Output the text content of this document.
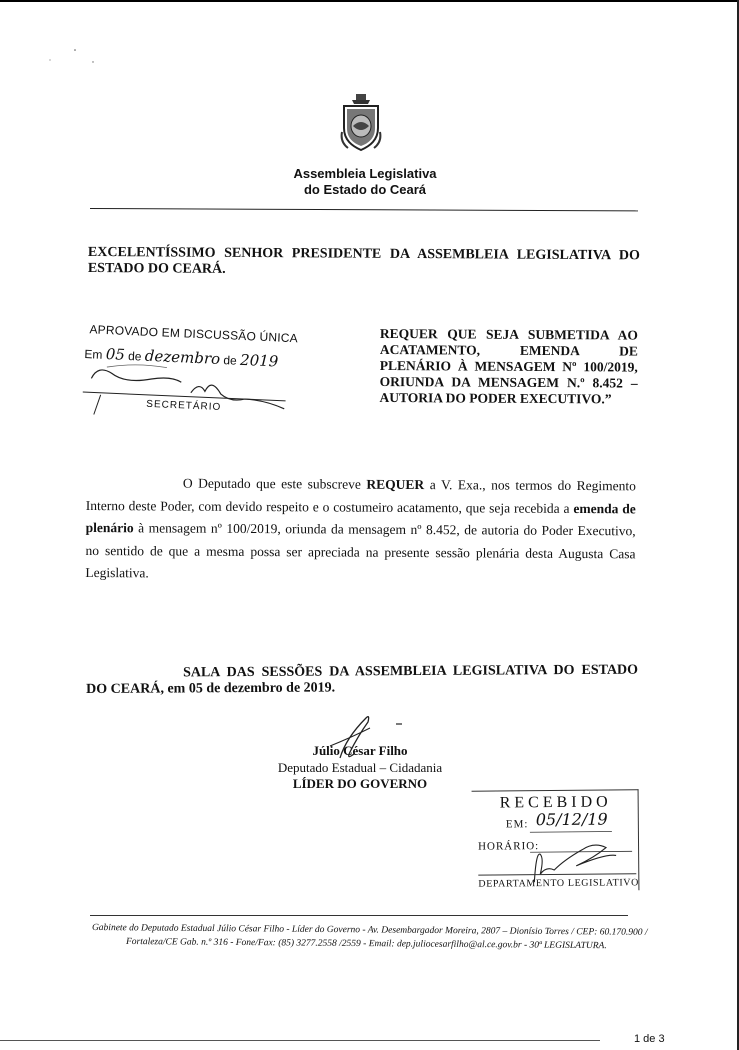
Assembleia Legislativa
do Estado do Ceará
EXCELENTÍSSIMO SENHOR PRESIDENTE DA ASSEMBLEIA LEGISLATIVA DO ESTADO DO CEARÁ.
APROVADO EM DISCUSSÃO ÚNICA
Em 05 de dezembro de 2019
SECRETÁRIO
REQUER QUE SEJA SUBMETIDA AO ACATAMENTO, EMENDA DE PLENÁRIO À MENSAGEM Nº 100/2019, ORIUNDA DA MENSAGEM N.º 8.452 – AUTORIA DO PODER EXECUTIVO.”
O Deputado que este subscreve REQUER a V. Exa., nos termos do Regimento Interno deste Poder, com devido respeito e o costumeiro acatamento, que seja recebida a emenda de plenário à mensagem nº 100/2019, oriunda da mensagem nº 8.452, de autoria do Poder Executivo, no sentido de que a mesma possa ser apreciada na presente sessão plenária desta Augusta Casa Legislativa.
SALA DAS SESSÕES DA ASSEMBLEIA LEGISLATIVA DO ESTADO DO CEARÁ, em 05 de dezembro de 2019.
Júlio César Filho
Deputado Estadual – Cidadania
LÍDER DO GOVERNO
RECEBIDO
EM: 05/12/19
HORÁRIO:
DEPARTAMENTO LEGISLATIVO
Gabinete do Deputado Estadual Júlio César Filho - Líder do Governo - Av. Desembargador Moreira, 2807 – Dionísio Torres / CEP: 60.170.900 /
Fortaleza/CE Gab. n.º 316 - Fone/Fax: (85) 3277.2558 /2559 - Email: dep.juliocesarfilho@al.ce.gov.br - 30ª LEGISLATURA.
1 de 3
